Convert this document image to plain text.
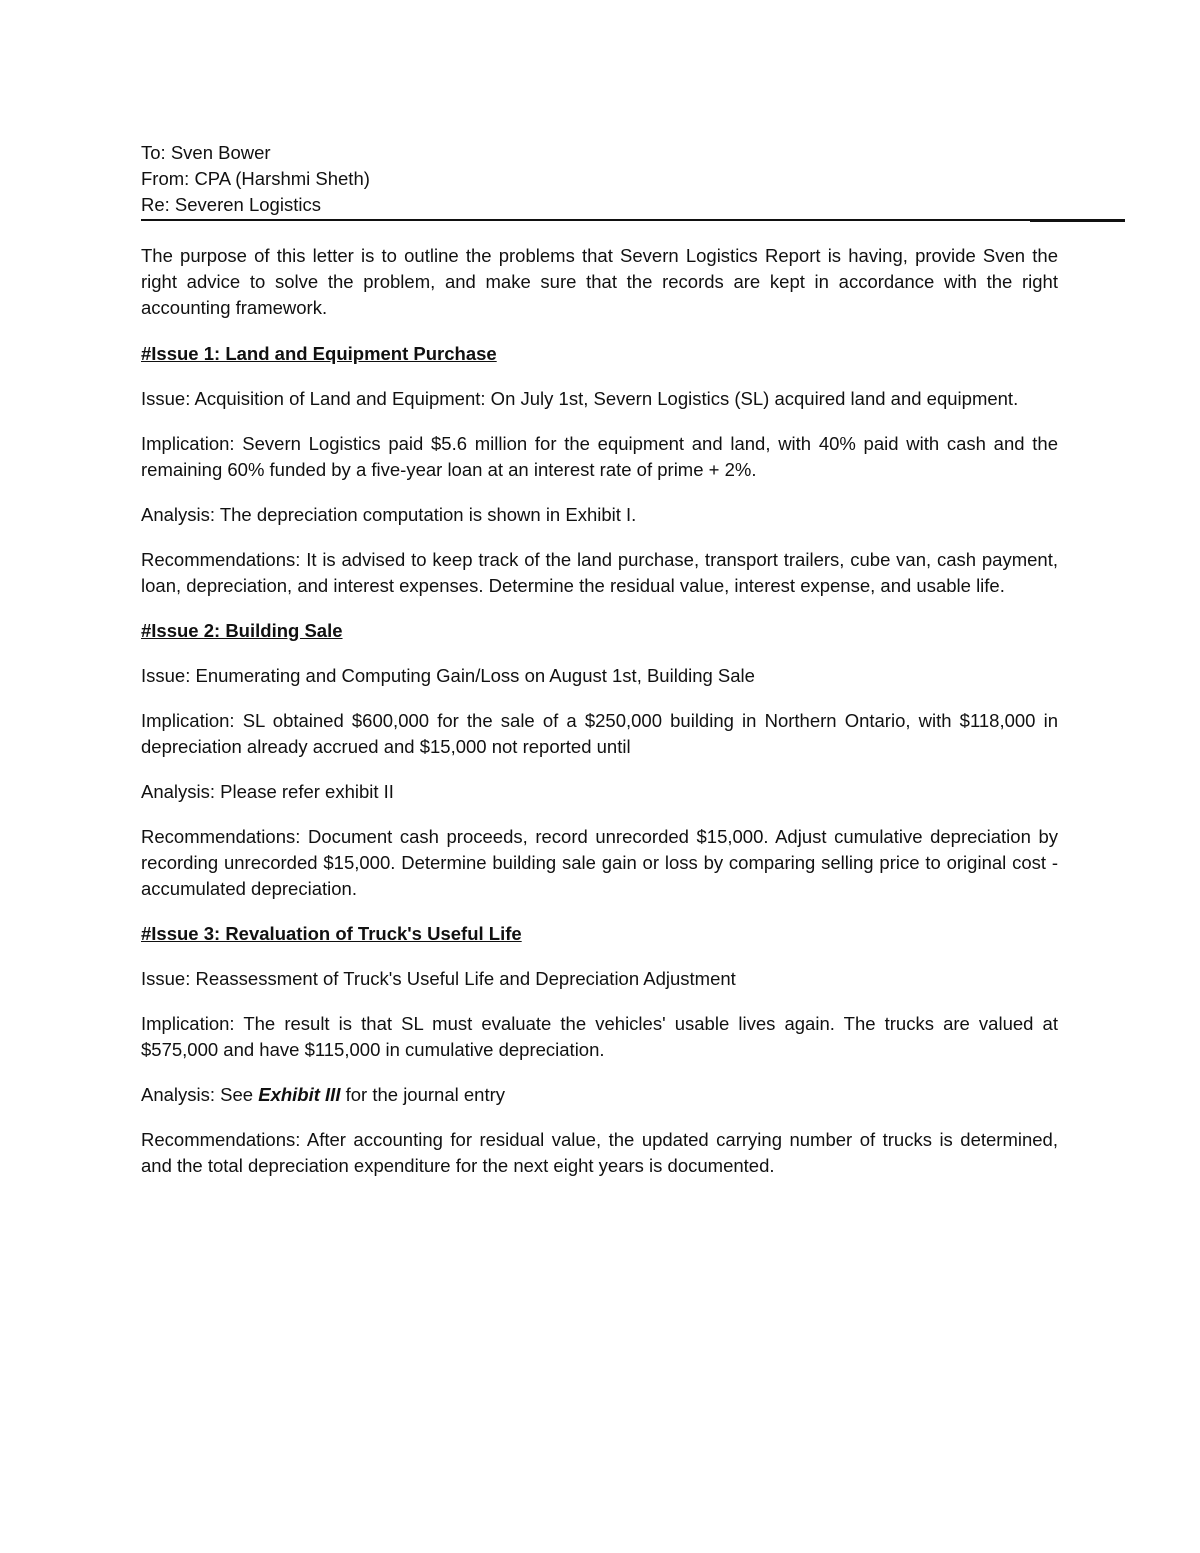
To: Sven Bower
From: CPA (Harshmi Sheth)
Re: Severen Logistics

The purpose of this letter is to outline the problems that Severn Logistics Report is having, provide Sven the right advice to solve the problem, and make sure that the records are kept in accordance with the right accounting framework.

#Issue 1: Land and Equipment Purchase

Issue: Acquisition of Land and Equipment: On July 1st, Severn Logistics (SL) acquired land and equipment.

Implication: Severn Logistics paid $5.6 million for the equipment and land, with 40% paid with cash and the remaining 60% funded by a five-year loan at an interest rate of prime + 2%.

Analysis: The depreciation computation is shown in Exhibit I.

Recommendations: It is advised to keep track of the land purchase, transport trailers, cube van, cash payment, loan, depreciation, and interest expenses. Determine the residual value, interest expense, and usable life.

#Issue 2: Building Sale

Issue: Enumerating and Computing Gain/Loss on August 1st, Building Sale

Implication: SL obtained $600,000 for the sale of a $250,000 building in Northern Ontario, with $118,000 in depreciation already accrued and $15,000 not reported until

Analysis: Please refer exhibit II

Recommendations: Document cash proceeds, record unrecorded $15,000. Adjust cumulative depreciation by recording unrecorded $15,000. Determine building sale gain or loss by comparing selling price to original cost - accumulated depreciation.

#Issue 3: Revaluation of Truck's Useful Life

Issue: Reassessment of Truck's Useful Life and Depreciation Adjustment

Implication: The result is that SL must evaluate the vehicles' usable lives again. The trucks are valued at $575,000 and have $115,000 in cumulative depreciation.

Analysis: See Exhibit III for the journal entry

Recommendations: After accounting for residual value, the updated carrying number of trucks is determined, and the total depreciation expenditure for the next eight years is documented.
